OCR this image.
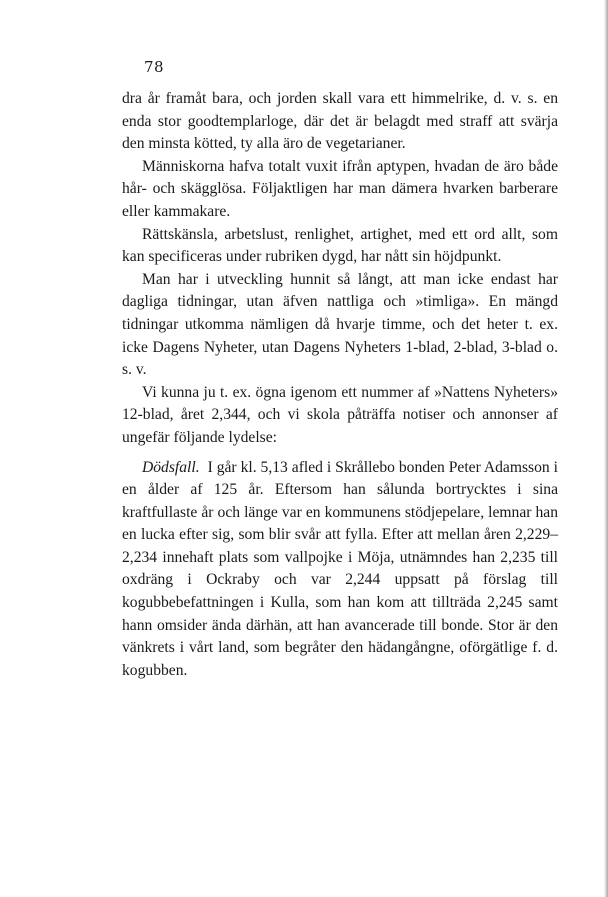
78

dra år framåt bara, och jorden skall vara ett himmelrike, d. v. s. en enda stor goodtemplarloge, där det är belagdt med straff att svärja den minsta kötted, ty alla äro de vegetarianer.

Människorna hafva totalt vuxit ifrån aptypen, hvadan de äro både hår- och skägglösa. Följaktligen har man dämera hvarken barberare eller kammakare.

Rättskänsla, arbetslust, renlighet, artighet, med ett ord allt, som kan specificeras under rubriken dygd, har nått sin höjdpunkt.

Man har i utveckling hunnit så långt, att man icke endast har dagliga tidningar, utan äfven nattliga och »timliga». En mängd tidningar utkomma nämligen då hvarje timme, och det heter t. ex. icke Dagens Nyheter, utan Dagens Nyheters 1-blad, 2-blad, 3-blad o. s. v.

Vi kunna ju t. ex. ögna igenom ett nummer af »Nattens Nyheters» 12-blad, året 2,344, och vi skola påträffa notiser och annonser af ungefär följande lydelse:

Dödsfall. I går kl. 5,13 afled i Skrållebo bonden Peter Adamsson i en ålder af 125 år. Eftersom han sålunda bortrycktes i sina kraftfullaste år och länge var en kommunens stödjepelare, lemnar han en lucka efter sig, som blir svår att fylla. Efter att mellan åren 2,229–2,234 innehaft plats som vallpojke i Möja, utnämndes han 2,235 till oxdräng i Ockraby och var 2,244 uppsatt på förslag till kogubbebefattningen i Kulla, som han kom att tillträda 2,245 samt hann omsider ända därhän, att han avancerade till bonde. Stor är den vänkrets i vårt land, som begråter den hädangångne, oförgätlige f. d. kogubben.
